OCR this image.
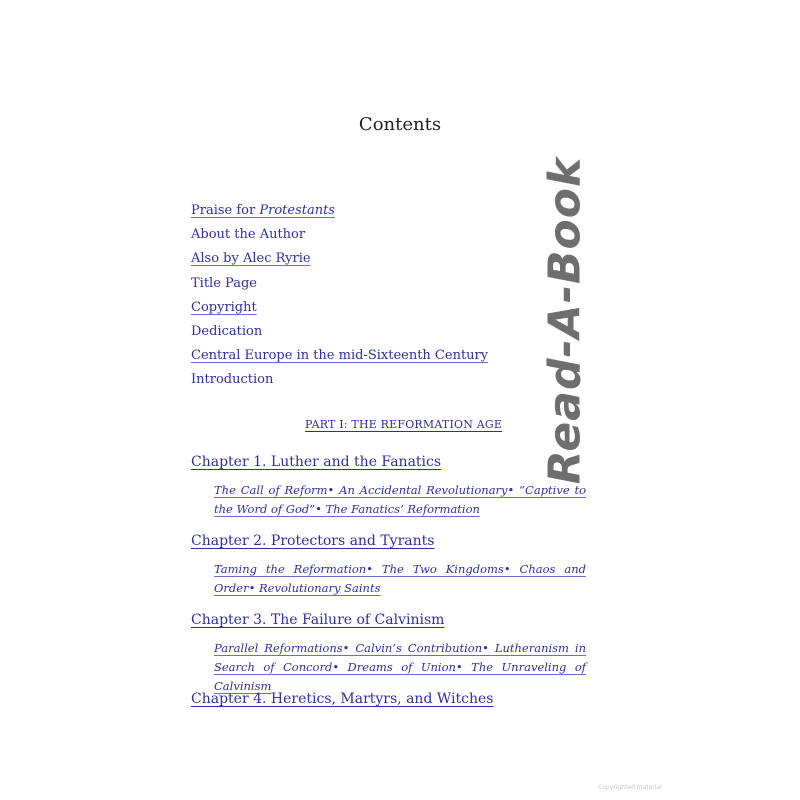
Contents
Praise for Protestants
About the Author
Also by Alec Ryrie
Title Page
Copyright
Dedication
Central Europe in the mid-Sixteenth Century
Introduction
PART I: THE REFORMATION AGE
Chapter 1. Luther and the Fanatics
The Call of Reform• An Accidental Revolutionary• “Captive to the Word of God”• The Fanatics’ Reformation
Chapter 2. Protectors and Tyrants
Taming the Reformation• The Two Kingdoms• Chaos and Order• Revolutionary Saints
Chapter 3. The Failure of Calvinism
Parallel Reformations• Calvin’s Contribution• Lutheranism in Search of Concord• Dreams of Union• The Unraveling of Calvinism
Chapter 4. Heretics, Martyrs, and Witches
Read-A-Book
Copyrighted material
